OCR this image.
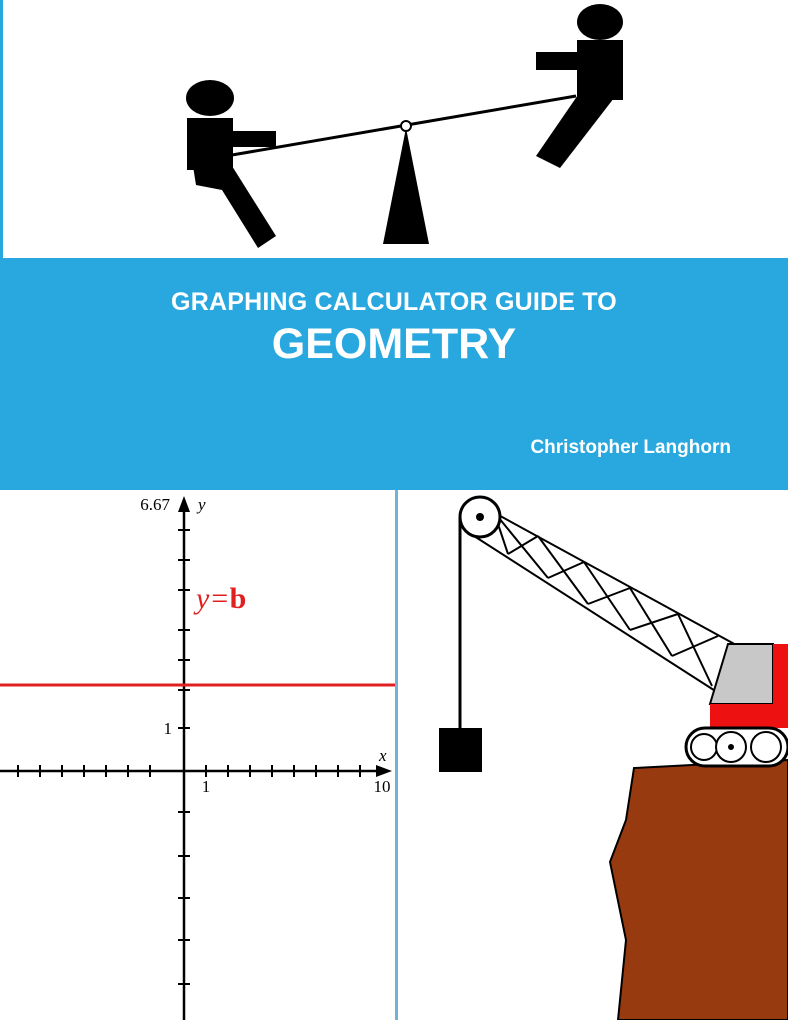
GRAPHING CALCULATOR GUIDE TO
GEOMETRY
Christopher Langhorn
6.67 y
1
1	10
x
y=b
